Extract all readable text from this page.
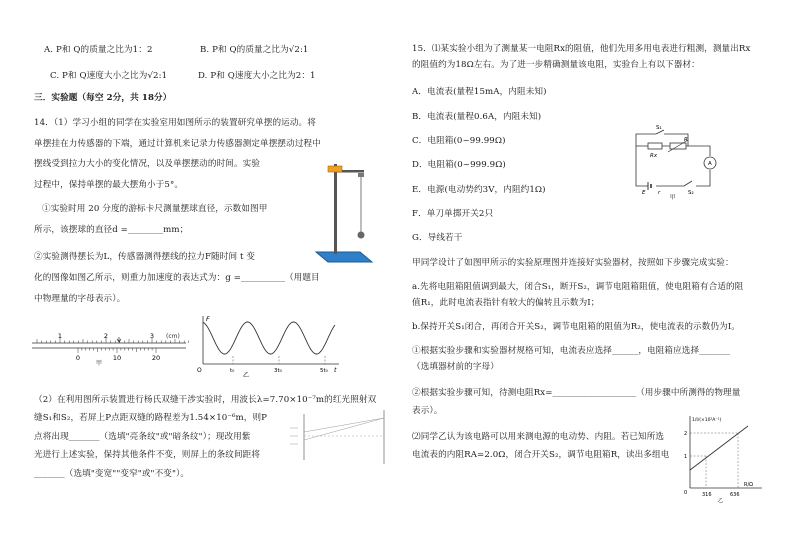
A. P和 Q的质量之比为1：2	B. P和 Q的质量之比为√2:1
C. P和 Q速度大小之比为√2:1	D. P和 Q速度大小之比为2：1
三．实验题（每空 2分，共 18分）
14．（1）学习小组的同学在实验室用如图所示的装置研究单摆的运动。将
单摆挂在力传感器的下端，通过计算机来记录力传感器测定单摆摆动过程中
摆线受到拉力大小的变化情况，以及单摆摆动的时间。实验
过程中，保持单摆的最大摆角小于5°。
①实验时用 20 分度的游标卡尺测量摆球直径，示数如图甲
所示，该摆球的直径d =________mm；
②实验测得摆长为L，传感器测得摆线的拉力F随时间 t 变
化的图像如图乙所示，则重力加速度的表达式为：g =__________（用题目
中物理量的字母表示）。
（2）在利用图所示装置进行杨氏双缝干涉实验时，用波长λ=7.70×10⁻⁷m的红光照射双
缝S₁和S₂，若屏上P点距双缝的路程差为1.54×10⁻⁶m，则P
点将出现_______（选填"亮条纹"或"暗条纹"）；现改用紫
光进行上述实验，保持其他条件不变，则屏上的条纹间距将
_______（选填"变宽""变窄"或"不变"）。
1	2	3 (cm)
0	10	20
甲
F
t
O	t₀	3t₀	5t₀
乙
15．⑴某实验小组为了测量某一电阻Rx的阻值，他们先用多用电表进行粗测，测量出Rx
的阻值约为18Ω左右。为了进一步精确测量该电阻，实验台上有以下器材：
A．电流表(量程15mA，内阻未知)
B．电流表(量程0.6A，内阻未知)
C．电阻箱(0~99.99Ω)
D．电阻箱(0~999.9Ω)
E．电源(电动势约3V，内阻约1Ω)
F．单刀单掷开关2只
G．导线若干
甲同学设计了如图甲所示的实验原理图并连接好实验器材，按照如下步骤完成实验：
a.先将电阻箱阻值调到最大，闭合S₁，断开S₂，调节电阻箱阻值，使电阻箱有合适的阻
值R₁，此时电流表指针有较大的偏转且示数为I；
b.保持开关S₁闭合，再闭合开关S₂，调节电阻箱的阻值为R₂，使电流表的示数仍为I。
①根据实验步骤和实验器材规格可知，电流表应选择______，电阻箱应选择_______
（选填器材前的字母）
②根据实验步骤可知，待测电阻Rx=___________________（用步骤中所测得的物理量
表示）。
⑵同学乙认为该电路可以用来测电源的电动势、内阻。若已知所选
电流表的内阻RA=2.0Ω，闭合开关S₂，调节电阻箱R，读出多组电
S₁
Rx
R
A
E r	S₂
甲
1/I/(×10²A⁻¹)
R/Ω
2
1
0	316	636
乙
